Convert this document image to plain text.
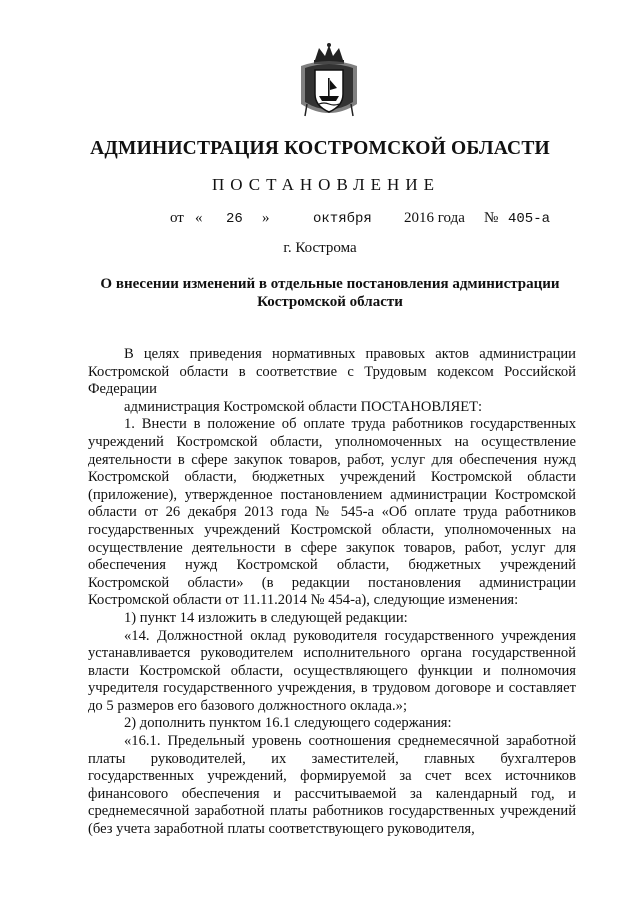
АДМИНИСТРАЦИЯ КОСТРОМСКОЙ ОБЛАСТИ
ПОСТАНОВЛЕНИЕ
от « 26 »	октября 2016 года № 405-а
г. Кострома
О внесении изменений в отдельные постановления администрации
Костромской области

В целях приведения нормативных правовых актов администрации Костромской области в соответствие с Трудовым кодексом Российской Федерации

администрация Костромской области ПОСТАНОВЛЯЕТ:

1. Внести в положение об оплате труда работников государственных учреждений Костромской области, уполномоченных на осуществление деятельности в сфере закупок товаров, работ, услуг для обеспечения нужд Костромской области, бюджетных учреждений Костромской области (приложение), утвержденное постановлением администрации Костромской области от 26 декабря 2013 года № 545-а «Об оплате труда работников государственных учреждений Костромской области, уполномоченных на осуществление деятельности в сфере закупок товаров, работ, услуг для обеспечения нужд Костромской области, бюджетных учреждений Костромской области» (в редакции постановления администрации Костромской области от 11.11.2014 № 454-а), следующие изменения:

1) пункт 14 изложить в следующей редакции:

«14. Должностной оклад руководителя государственного учреждения устанавливается руководителем исполнительного органа государственной власти Костромской области, осуществляющего функции и полномочия учредителя государственного учреждения, в трудовом договоре и составляет до 5 размеров его базового должностного оклада.»;

2) дополнить пунктом 16.1 следующего содержания:

«16.1. Предельный уровень соотношения среднемесячной заработной платы руководителей, их заместителей, главных бухгалтеров государственных учреждений, формируемой за счет всех источников финансового обеспечения и рассчитываемой за календарный год, и среднемесячной заработной платы работников государственных учреждений (без учета заработной платы соответствующего руководителя,
